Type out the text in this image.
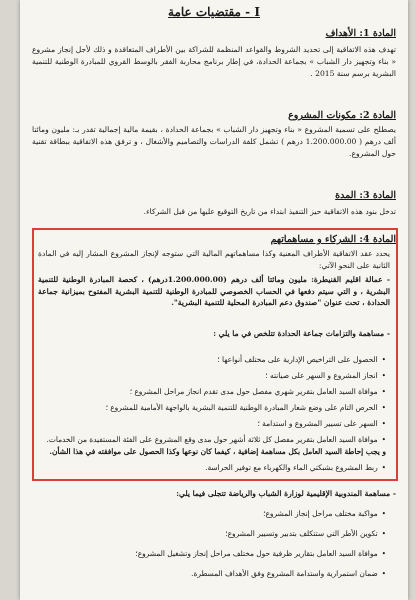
I - مقتضيات عامة
المادة 1: الأهداف
تهدف هذه الاتفاقية إلى تحديد الشروط والقواعد المنظمة للشراكة بين الأطراف المتعاقدة و ذلك لأجل إنجاز مشروع « بناء وتجهيز دار الشباب » بجماعة الحدادة، في إطار برنامج محاربة الفقر بالوسط القروي للمبادرة الوطنية للتنمية البشرية برسم سنة 2015 .
المادة 2: مكونات المشروع
يصطلح على تسمية المشروع « بناء وتجهيز دار الشباب » بجماعة الحدادة ، بقيمة مالية إجمالية تقدر بـ: مليون ومائتا ألف درهم ( 1.200.000.00 درهم ) تشمل كلفة الدراسات والتصاميم والأشغال ، و ترفق هذه الاتفاقية ببطاقة تقنية حول المشروع.
المادة 3: المدة
تدخل بنود هذه الاتفاقية حيز التنفيذ ابتداء من تاريخ التوقيع عليها من قبل الشركاء.
المادة 4: الشركاء و مساهماتهم
يحدد عقد الاتفاقية الأطراف المعنية وكذا مساهماتهم المالية التي ستوجه لإنجاز المشروع المشار إليه في المادة الثانية على النحو الآتي:
- عمالة اقليم القنيطرة: مليون ومائتا ألف درهم (1.200.000.00درهم) ، كحصة المبادرة الوطنية للتنمية البشرية ، و التي سيتم دفعها في الحساب الخصوصي للمبادرة الوطنية للتنمية البشرية المفتوح بميزانية جماعة الحدادة ، تحت عنوان "صندوق دعم المبادرة المحلية للتنمية البشرية".
- مساهمة والتزامات جماعة الحدادة تتلخص في ما يلي :
•الحصول على التراخيص الإدارية على مختلف أنواعها ؛
•انجاز المشروع و السهر على صيانته ؛
•موافاة السيد العامل بتقرير شهري مفصل حول مدى تقدم انجاز مراحل المشروع ؛
•الحرص التام على وضع شعار المبادرة الوطنية للتنمية البشرية بالواجهة الأمامية للمشروع ؛
•السهر على تسيير المشروع و استدامة ؛
•موافاة السيد العامل بتقرير مفصل كل ثلاثة أشهر حول مدى وقع المشروع على الفئة المستفيدة من الخدمات.
و يجب إحاطة السيد العامل بكل مساهمة إضافية ، كيفما كان نوعها وكذا الحصول على موافقته في هذا الشأن.
•ربط المشروع بشبكتي الماء والكهرباء مع توفير الحراسة.
- مساهمة المندوبية الإقليمية لوزارة الشباب والرياضة تتجلى فيما يلي:
•مواكبة مختلف مراحل إنجاز المشروع؛
•تكوين الأطر التي ستتكلف بتدبير وتسيير المشروع؛
•موافاة السيد العامل بتقارير ظرفية حول مختلف مراحل إنجاز وتشغيل المشروع؛
•ضمان استمرارية واستدامة المشروع وفق الأهداف المسطرة.
